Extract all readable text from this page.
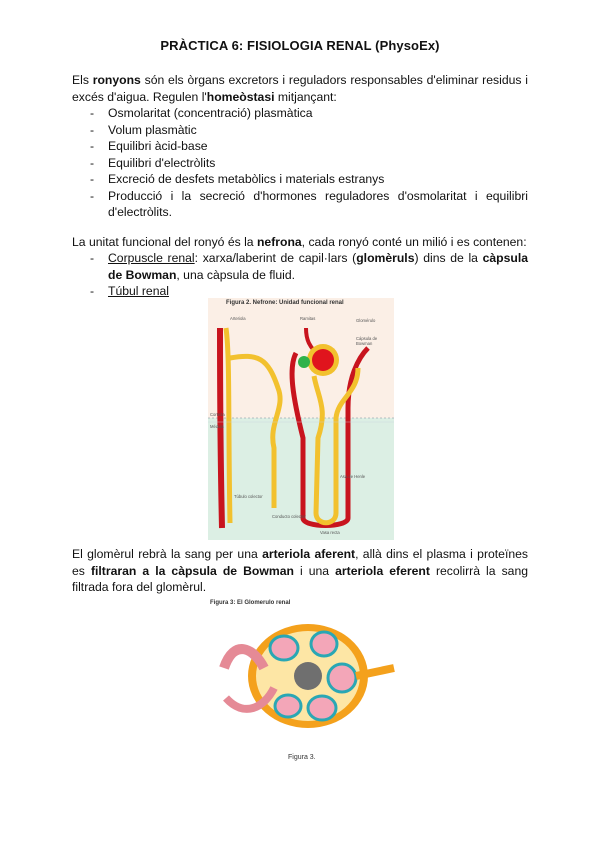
PRÀCTICA 6: FISIOLOGIA RENAL (PhysoEx)
Els ronyons són els òrgans excretors i reguladors responsables d'eliminar residus i excés d'aigua. Regulen l'homeòstasi mitjançant:
- Osmolaritat (concentració) plasmàtica
- Volum plasmàtic
- Equilibri àcid-base
- Equilibri d'electròlits
- Excreció de desfets metabòlics i materials estranys
- Producció i la secreció d'hormones reguladores d'osmolaritat i equilibri d'electròlits.
La unitat funcional del ronyó és la nefrona, cada ronyó conté un milió i es contenen:
- Corpuscle renal: xarxa/laberint de capil·lars (glomèruls) dins de la càpsula de Bowman, una càpsula de fluid.
- Túbul renal
El glomèrul rebrà la sang per una arteriola aferent, allà dins el plasma i proteïnes es filtraran a la càpsula de Bowman i una arteriola eferent recolirrà la sang filtrada fora del glomèrul.
Figura 2. Nefrone: Unidad funcional renal
Arteriola	Ramitas	Glomérulo
Cápsula de Bowman
Corteza
Médula
Asa de Henle
Túbulo colector
Conducto colector
Vasa recta
Figura 3: El Glomerulo renal
Figura 3.
